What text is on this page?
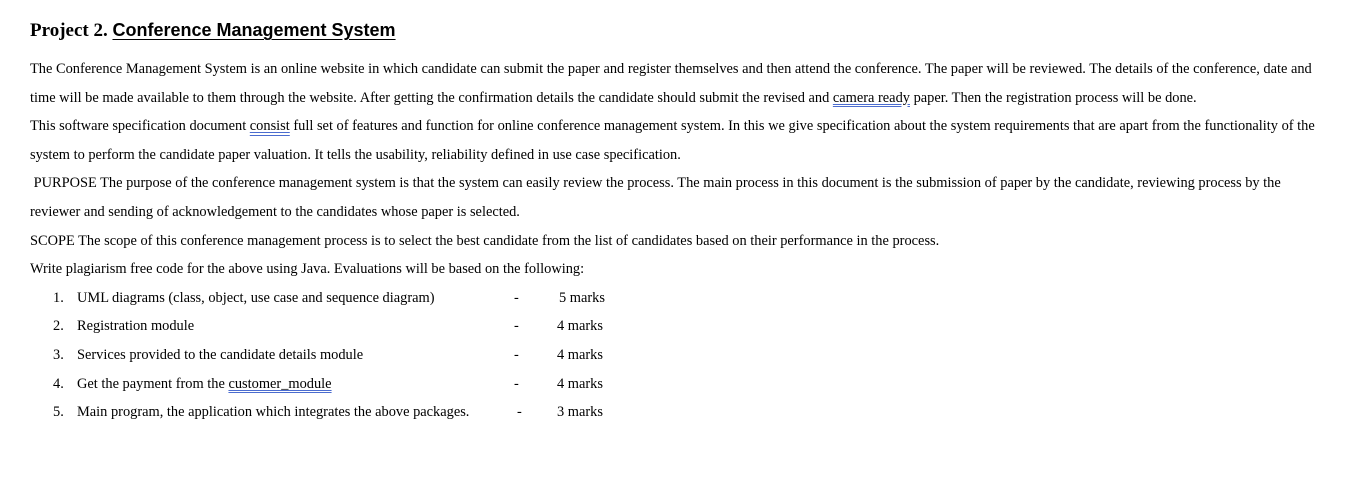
Project 2. Conference Management System

The Conference Management System is an online website in which candidate can submit the paper and register themselves and then attend the conference. The paper will be reviewed. The details of the conference, date and time will be made available to them through the website. After getting the confirmation details the candidate should submit the revised and camera ready paper. Then the registration process will be done.

This software specification document consist full set of features and function for online conference management system. In this we give specification about the system requirements that are apart from the functionality of the system to perform the candidate paper valuation. It tells the usability, reliability defined in use case specification.

PURPOSE The purpose of the conference management system is that the system can easily review the process. The main process in this document is the submission of paper by the candidate, reviewing process by the reviewer and sending of acknowledgement to the candidates whose paper is selected.

SCOPE The scope of this conference management process is to select the best candidate from the list of candidates based on their performance in the process.

Write plagiarism free code for the above using Java. Evaluations will be based on the following:

1. UML diagrams (class, object, use case and sequence diagram)	-	5 marks
2. Registration module	-	4 marks
3. Services provided to the candidate details module	-	4 marks
4. Get the payment from the customer_module	-	4 marks
5. Main program, the application which integrates the above packages.	- 3 marks
